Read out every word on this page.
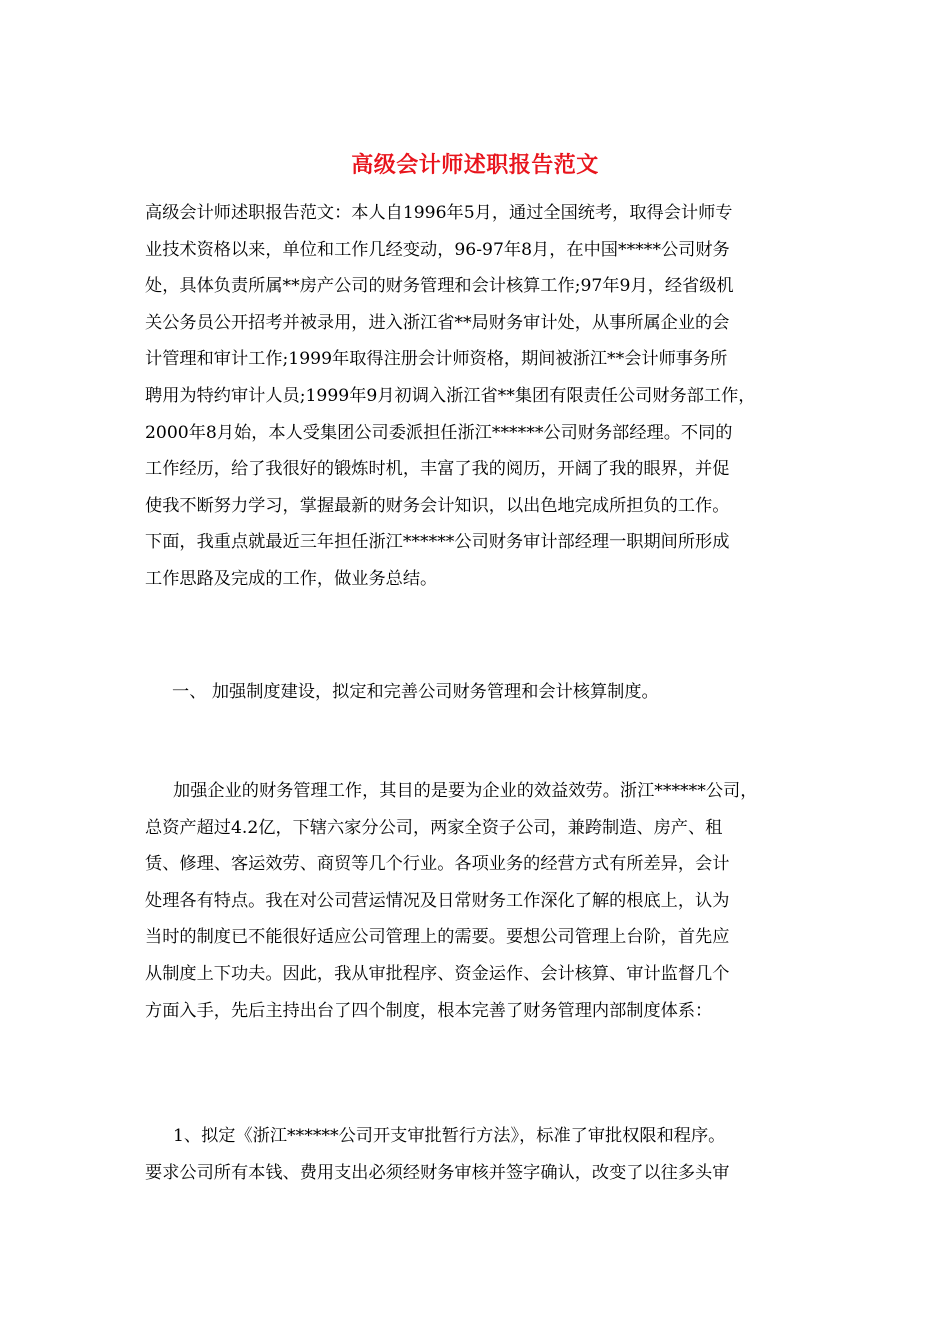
高级会计师述职报告范文
高级会计师述职报告范文：本人自1996年5月，通过全国统考，取得会计师专
业技术资格以来，单位和工作几经变动，96-97年8月，在中国*****公司财务
处，具体负责所属**房产公司的财务管理和会计核算工作;97年9月，经省级机
关公务员公开招考并被录用，进入浙江省**局财务审计处，从事所属企业的会
计管理和审计工作;1999年取得注册会计师资格，期间被浙江**会计师事务所
聘用为特约审计人员;1999年9月初调入浙江省**集团有限责任公司财务部工作，
2000年8月始，本人受集团公司委派担任浙江******公司财务部经理。不同的
工作经历，给了我很好的锻炼时机，丰富了我的阅历，开阔了我的眼界，并促
使我不断努力学习，掌握最新的财务会计知识，以出色地完成所担负的工作。
下面，我重点就最近三年担任浙江******公司财务审计部经理一职期间所形成
工作思路及完成的工作，做业务总结。
一、 加强制度建设，拟定和完善公司财务管理和会计核算制度。
加强企业的财务管理工作，其目的是要为企业的效益效劳。浙江******公司，
总资产超过4.2亿，下辖六家分公司，两家全资子公司，兼跨制造、房产、租
赁、修理、客运效劳、商贸等几个行业。各项业务的经营方式有所差异，会计
处理各有特点。我在对公司营运情况及日常财务工作深化了解的根底上，认为
当时的制度已不能很好适应公司管理上的需要。要想公司管理上台阶，首先应
从制度上下功夫。因此，我从审批程序、资金运作、会计核算、审计监督几个
方面入手，先后主持出台了四个制度，根本完善了财务管理内部制度体系：
1、拟定《浙江******公司开支审批暂行方法》，标准了审批权限和程序。
要求公司所有本钱、费用支出必须经财务审核并签字确认，改变了以往多头审
